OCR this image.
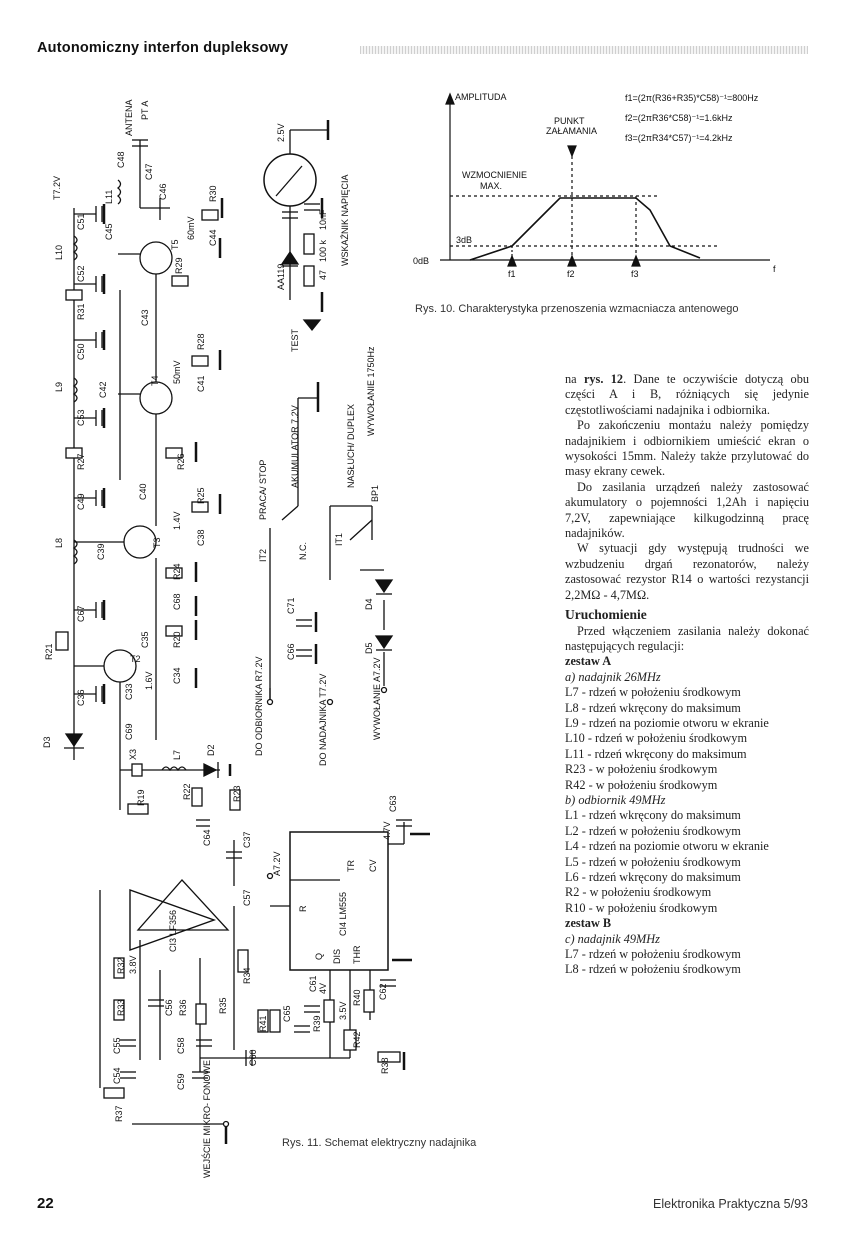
Autonomiczny interfon dupleksowy
AMPLITUDA
PUNKT
ZAŁAMANIA
WZMOCNIENIE
MAX.
3dB
0dB
f
f1	f2	f3
f1=(2π(R36+R35)*C58)⁻¹=800Hz
f2=(2πR36*C58)⁻¹=1.6kHz
f3=(2πR34*C57)⁻¹=4.2kHz
T7.2V
C51
L10
C52
R31
C50
L9
C53
R27
C49
L8
C39
C67
R21
C36
D3
T2
C35
C33
C69
X3	L7	D2
R19	R22	R23
C64	C37
C57
C48
C47
C46
ANTENA PT A
L11
C45
T5
R29
R30
C44
60mV
C43
R28
C41
50mV
T4
C42
R26
C40	R25
C38
1.4V
T3
R24
C68
R20
C34
1.6V
2.5V
10nF
100 k
AA119	47
TEST
WSKAŹNIK NAPIĘCIA
AKUMULATOR 7.2V
PRACA/ STOP
IT2	N.C.
NASŁUCH/ DUPLEX
WYWOŁANIE 1750Hz
BP1
IT1
D4
D5
C71
C66
DO ODBIORNIKA R7.2V	DO NADAJNIKA T7.2V	WYWOŁANIE A7.2V
A7.2V
CI4 LM555
TR CV
R
Q DIS THR
C63
4.7V
4V
3.5V
C61
C65
R41	R39
R40
R42
C62
R38
C60
CI3 LF356
R32 3.8V
R33	C56 R36
C55
C54
R37
C58
R35
R34
C59 WEJŚCIE MIKRO- FONOWE
Rys. 10. Charakterystyka przenoszenia wzmacniacza antenowego
Rys. 11. Schemat elektryczny nadajnika

na rys. 12. Dane te oczywiście dotyczą obu części A i B, różniących się jedynie częstotliwościami nadajnika i odbiornika.

Po zakończeniu montażu należy pomiędzy nadajnikiem i odbiornikiem umieścić ekran o wysokości 15mm. Należy także przylutować do masy ekrany cewek.

Do zasilania urządzeń należy zastosować akumulatory o pojemności 1,2Ah i napięciu 7,2V, zapewniające kilkugodzinną pracę nadajników.

W sytuacji gdy występują trudności we wzbudzeniu drgań rezonatorów, należy zastosować rezystor R14 o wartości rezystancji 2,2MΩ - 4,7MΩ.

Uruchomienie

Przed włączeniem zasilania należy dokonać następujących regulacji:

zestaw A

a) nadajnik 26MHz

L7 - rdzeń w położeniu środkowym

L8 - rdzeń wkręcony do maksimum

L9 - rdzeń na poziomie otworu w ekranie

L10 - rdzeń w położeniu środkowym

L11 - rdzeń wkręcony do maksimum

R23 - w położeniu środkowym

R42 - w położeniu środkowym

b) odbiornik 49MHz

L1 - rdzeń wkręcony do maksimum

L2 - rdzeń w położeniu środkowym

L4 - rdzeń na poziomie otworu w ekranie

L5 - rdzeń w położeniu środkowym

L6 - rdzeń wkręcony do maksimum

R2 - w położeniu środkowym

R10 - w położeniu środkowym

zestaw B

c) nadajnik 49MHz

L7 - rdzeń w położeniu środkowym

L8 - rdzeń w położeniu środkowym

22	Elektronika Praktyczna 5/93
